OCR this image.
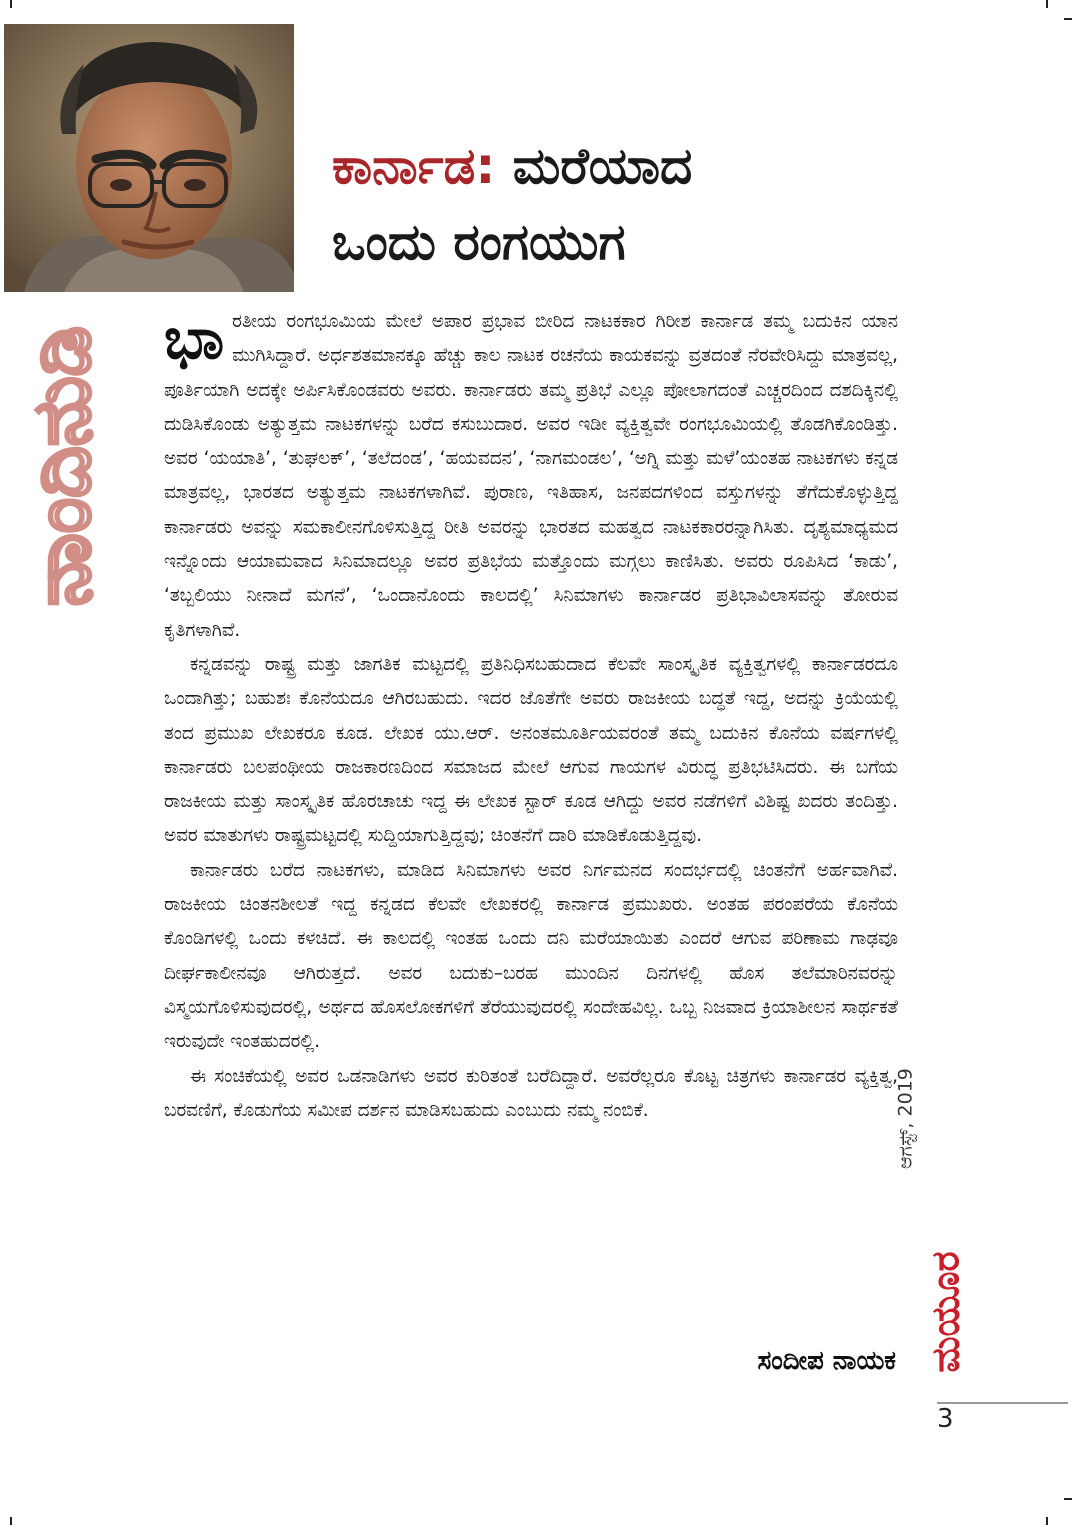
ಕಾರ್ನಾಡ: ಮರೆಯಾದ
ಒಂದು ರಂಗಯುಗ
ನಾಂದಿನುಡಿ ಭಾರತೀಯ ರಂಗಭೂಮಿಯ ಮೇಲೆ ಅಪಾರ ಪ್ರಭಾವ ಬೀರಿದ ನಾಟಕಕಾರ ಗಿರೀಶ ಕಾರ್ನಾಡ ತಮ್ಮ ಬದುಕಿನ ಯಾನ ಮುಗಿಸಿದ್ದಾರೆ. ಅರ್ಧಶತಮಾನಕ್ಕೂ ಹೆಚ್ಚು ಕಾಲ ನಾಟಕ ರಚನೆಯ ಕಾಯಕವನ್ನು ವ್ರತದಂತೆ ನೆರವೇರಿಸಿದ್ದು ಮಾತ್ರವಲ್ಲ, ಪೂರ್ತಿಯಾಗಿ ಅದಕ್ಕೇ ಅರ್ಪಿಸಿಕೊಂಡವರು ಅವರು. ಕಾರ್ನಾಡರು ತಮ್ಮ ಪ್ರತಿಭೆ ಎಲ್ಲೂ ಪೋಲಾಗದಂತೆ ಎಚ್ಚರದಿಂದ ದಶದಿಕ್ಕಿನಲ್ಲಿ ದುಡಿಸಿಕೊಂಡು ಅತ್ಯುತ್ತಮ ನಾಟಕಗಳನ್ನು ಬರೆದ ಕಸುಬುದಾರ. ಅವರ ಇಡೀ ವ್ಯಕ್ತಿತ್ವವೇ ರಂಗಭೂಮಿಯಲ್ಲಿ ತೊಡಗಿಕೊಂಡಿತ್ತು. ಅವರ ‘ಯಯಾತಿ’, ‘ತುಘಲಕ್’, ‘ತಲೆದಂಡ’, ‘ಹಯವದನ’, ‘ನಾಗಮಂಡಲ’, ‘ಅಗ್ನಿ ಮತ್ತು ಮಳೆ’ಯಂತಹ ನಾಟಕಗಳು ಕನ್ನಡ ಮಾತ್ರವಲ್ಲ, ಭಾರತದ ಅತ್ಯುತ್ತಮ ನಾಟಕಗಳಾಗಿವೆ. ಪುರಾಣ, ಇತಿಹಾಸ, ಜನಪದಗಳಿಂದ ವಸ್ತುಗಳನ್ನು ತೆಗೆದುಕೊಳ್ಳುತ್ತಿದ್ದ ಕಾರ್ನಾಡರು ಅವನ್ನು ಸಮಕಾಲೀನಗೊಳಿಸುತ್ತಿದ್ದ ರೀತಿ ಅವರನ್ನು ಭಾರತದ ಮಹತ್ವದ ನಾಟಕಕಾರರನ್ನಾಗಿಸಿತು. ದೃಶ್ಯಮಾಧ್ಯಮದ ಇನ್ನೊಂದು ಆಯಾಮವಾದ ಸಿನಿಮಾದಲ್ಲೂ ಅವರ ಪ್ರತಿಭೆಯ ಮತ್ತೊಂದು ಮಗ್ಗಲು ಕಾಣಿಸಿತು. ಅವರು ರೂಪಿಸಿದ ‘ಕಾಡು’, ‘ತಬ್ಬಲಿಯು ನೀನಾದೆ ಮಗನೆ’, ‘ಒಂದಾನೊಂದು ಕಾಲದಲ್ಲಿ’ ಸಿನಿಮಾಗಳು ಕಾರ್ನಾಡರ ಪ್ರತಿಭಾವಿಲಾಸವನ್ನು ತೋರುವ ಕೃತಿಗಳಾಗಿವೆ.

ಕನ್ನಡವನ್ನು ರಾಷ್ಟ್ರ ಮತ್ತು ಜಾಗತಿಕ ಮಟ್ಟದಲ್ಲಿ ಪ್ರತಿನಿಧಿಸಬಹುದಾದ ಕೆಲವೇ ಸಾಂಸ್ಕೃತಿಕ ವ್ಯಕ್ತಿತ್ವಗಳಲ್ಲಿ ಕಾರ್ನಾಡರದೂ ಒಂದಾಗಿತ್ತು; ಬಹುಶಃ ಕೊನೆಯದೂ ಆಗಿರಬಹುದು. ಇದರ ಜೊತೆಗೇ ಅವರು ರಾಜಕೀಯ ಬದ್ಧತೆ ಇದ್ದ, ಅದನ್ನು ಕ್ರಿಯೆಯಲ್ಲಿ ತಂದ ಪ್ರಮುಖ ಲೇಖಕರೂ ಕೂಡ. ಲೇಖಕ ಯು.ಆರ್. ಅನಂತಮೂರ್ತಿಯವರಂತೆ ತಮ್ಮ ಬದುಕಿನ ಕೊನೆಯ ವರ್ಷಗಳಲ್ಲಿ ಕಾರ್ನಾಡರು ಬಲಪಂಥೀಯ ರಾಜಕಾರಣದಿಂದ ಸಮಾಜದ ಮೇಲೆ ಆಗುವ ಗಾಯಗಳ ವಿರುದ್ಧ ಪ್ರತಿಭಟಿಸಿದರು. ಈ ಬಗೆಯ ರಾಜಕೀಯ ಮತ್ತು ಸಾಂಸ್ಕೃತಿಕ ಹೊರಚಾಚು ಇದ್ದ ಈ ಲೇಖಕ ಸ್ಟಾರ್ ಕೂಡ ಆಗಿದ್ದು ಅವರ ನಡೆಗಳಿಗೆ ವಿಶಿಷ್ಟ ಖದರು ತಂದಿತ್ತು. ಅವರ ಮಾತುಗಳು ರಾಷ್ಟ್ರಮಟ್ಟದಲ್ಲಿ ಸುದ್ದಿಯಾಗುತ್ತಿದ್ದವು; ಚಿಂತನೆಗೆ ದಾರಿ ಮಾಡಿಕೊಡುತ್ತಿದ್ದವು.

ಕಾರ್ನಾಡರು ಬರೆದ ನಾಟಕಗಳು, ಮಾಡಿದ ಸಿನಿಮಾಗಳು ಅವರ ನಿರ್ಗಮನದ ಸಂದರ್ಭದಲ್ಲಿ ಚಿಂತನೆಗೆ ಅರ್ಹವಾಗಿವೆ. ರಾಜಕೀಯ ಚಿಂತನಶೀಲತೆ ಇದ್ದ ಕನ್ನಡದ ಕೆಲವೇ ಲೇಖಕರಲ್ಲಿ ಕಾರ್ನಾಡ ಪ್ರಮುಖರು. ಅಂತಹ ಪರಂಪರೆಯ ಕೊನೆಯ ಕೊಂಡಿಗಳಲ್ಲಿ ಒಂದು ಕಳಚಿದೆ. ಈ ಕಾಲದಲ್ಲಿ ಇಂತಹ ಒಂದು ದನಿ ಮರೆಯಾಯಿತು ಎಂದರೆ ಆಗುವ ಪರಿಣಾಮ ಗಾಢವೂ ದೀರ್ಘಕಾಲೀನವೂ ಆಗಿರುತ್ತದೆ. ಅವರ ಬದುಕು–ಬರಹ ಮುಂದಿನ ದಿನಗಳಲ್ಲಿ ಹೊಸ ತಲೆಮಾರಿನವರನ್ನು ವಿಸ್ಮಯಗೊಳಿಸುವುದರಲ್ಲಿ, ಅರ್ಥದ ಹೊಸಲೋಕಗಳಿಗೆ ತೆರೆಯುವುದರಲ್ಲಿ ಸಂದೇಹವಿಲ್ಲ. ಒಬ್ಬ ನಿಜವಾದ ಕ್ರಿಯಾಶೀಲನ ಸಾರ್ಥಕತೆ ಇರುವುದೇ ಇಂತಹುದರಲ್ಲಿ.

ಈ ಸಂಚಿಕೆಯಲ್ಲಿ ಅವರ ಒಡನಾಡಿಗಳು ಅವರ ಕುರಿತಂತೆ ಬರೆದಿದ್ದಾರೆ. ಅವರೆಲ್ಲರೂ ಕೊಟ್ಟ ಚಿತ್ರಗಳು ಕಾರ್ನಾಡರ ವ್ಯಕ್ತಿತ್ವ, ಬರವಣಿಗೆ, ಕೊಡುಗೆಯ ಸಮೀಪ ದರ್ಶನ ಮಾಡಿಸಬಹುದು ಎಂಬುದು ನಮ್ಮ ನಂಬಿಕೆ.

ಸಂದೀಪ ನಾಯಕ
ಆಗಸ್ಟ್, 2019
ಮಯೂರ
3
